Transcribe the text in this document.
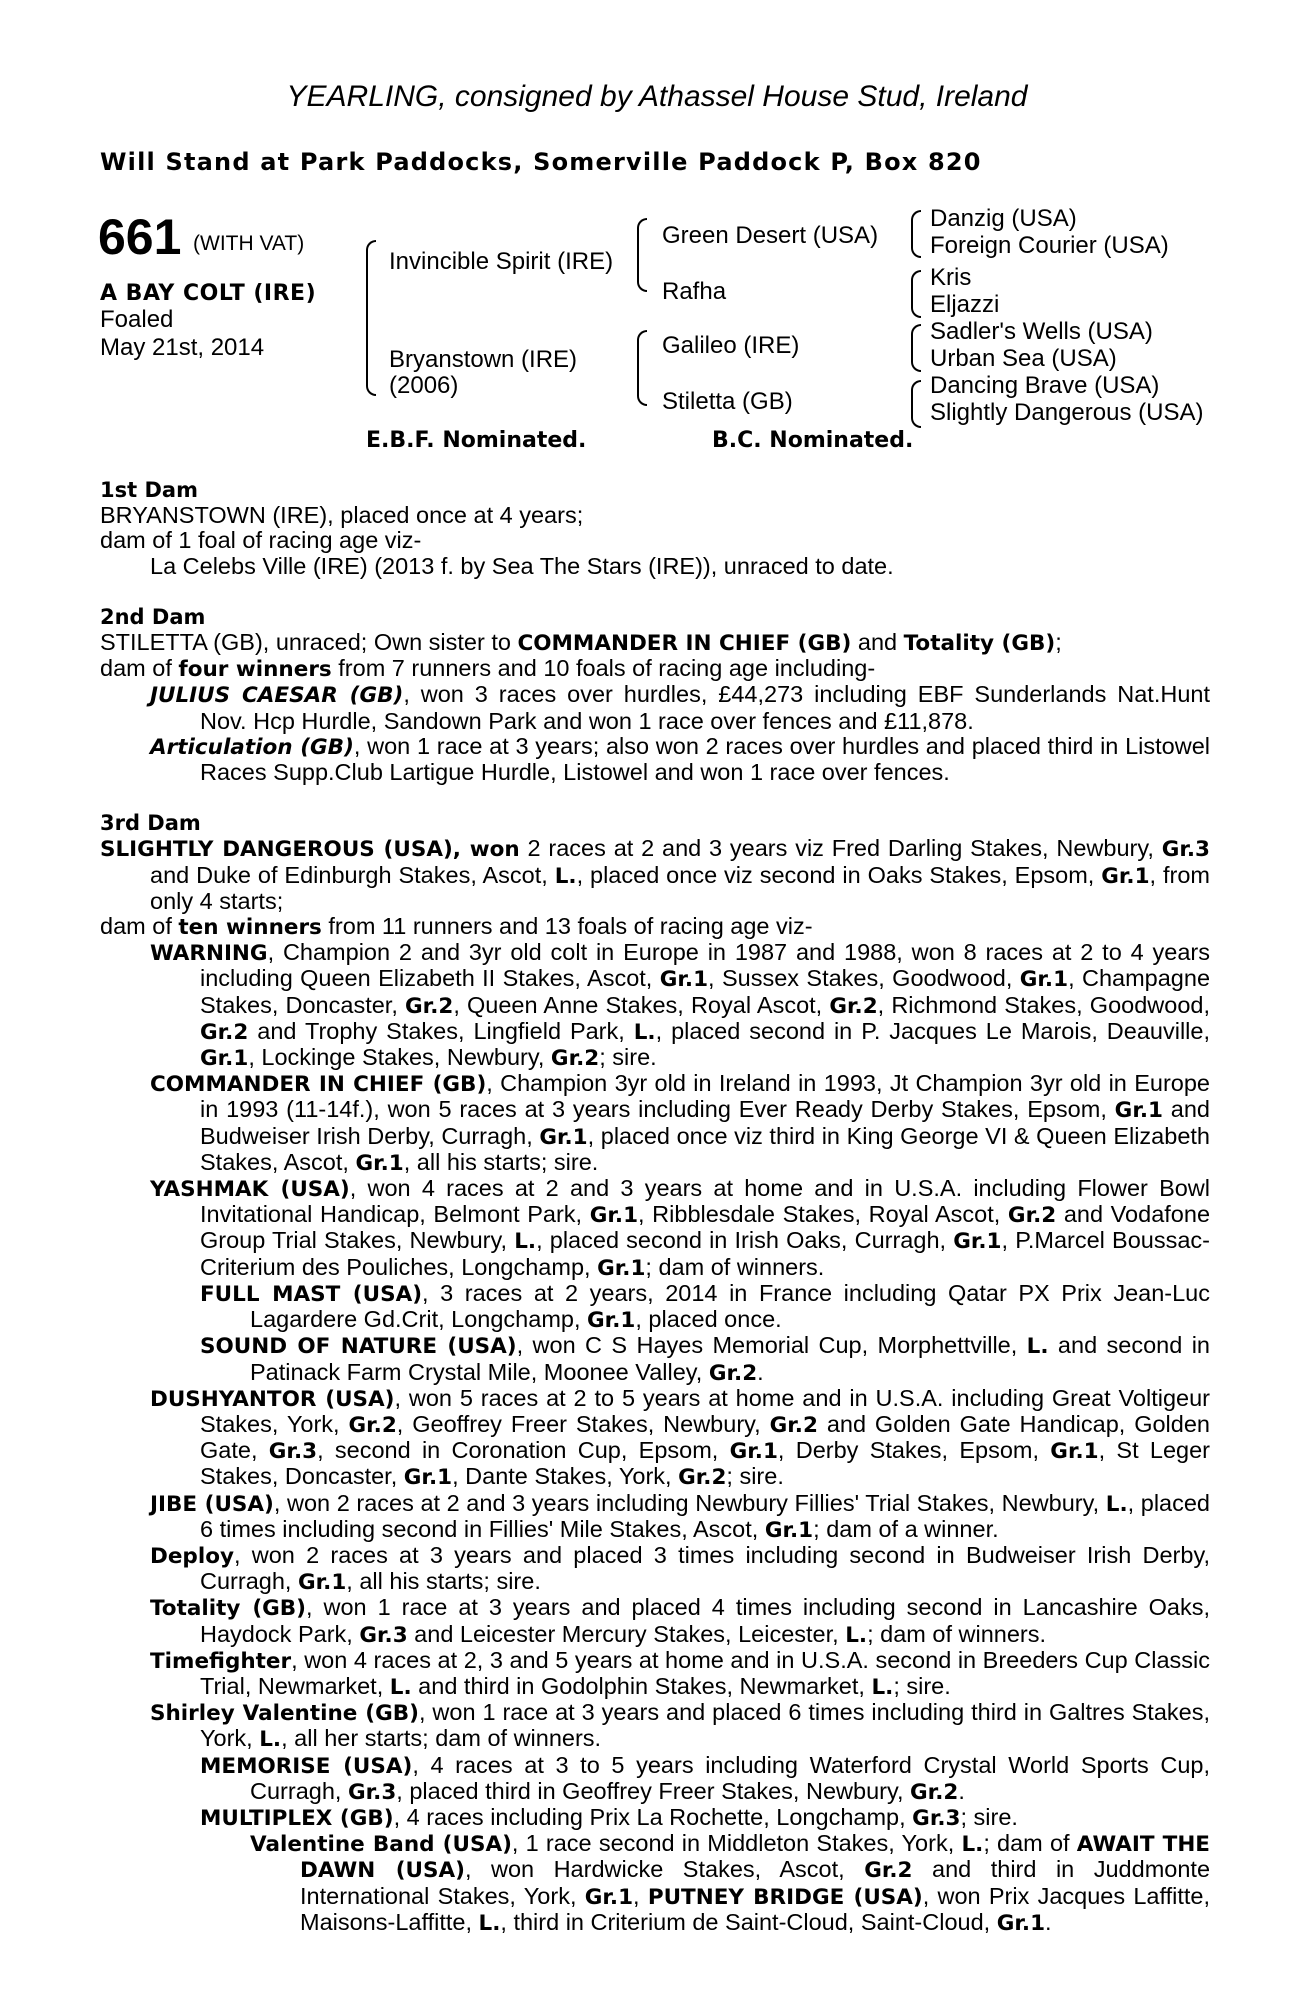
YEARLING, consigned by Athassel House Stud, Ireland
Will Stand at Park Paddocks, Somerville Paddock P, Box 820
661 (WITH VAT)
A BAY COLT (IRE)
Foaled
May 21st, 2014
Invincible Spirit (IRE)
Bryanstown (IRE)
(2006)
Green Desert (USA)
Rafha
Galileo (IRE)
Stiletta (GB)
Danzig (USA)
Foreign Courier (USA)
Kris
Eljazzi
Sadler's Wells (USA)
Urban Sea (USA)
Dancing Brave (USA)
Slightly Dangerous (USA)
E.B.F. Nominated.	B.C. Nominated.

1st Dam

BRYANSTOWN (IRE), placed once at 4 years;

dam of 1 foal of racing age viz-

La Celebs Ville (IRE) (2013 f. by Sea The Stars (IRE)), unraced to date.

2nd Dam

STILETTA (GB), unraced; Own sister to COMMANDER IN CHIEF (GB) and Totality (GB);

dam of four winners from 7 runners and 10 foals of racing age including-

JULIUS CAESAR (GB), won 3 races over hurdles, £44,273 including EBF Sunderlands Nat.Hunt Nov. Hcp Hurdle, Sandown Park and won 1 race over fences and £11,878.

Articulation (GB), won 1 race at 3 years; also won 2 races over hurdles and placed third in Listowel Races Supp.Club Lartigue Hurdle, Listowel and won 1 race over fences.

3rd Dam

SLIGHTLY DANGEROUS (USA), won 2 races at 2 and 3 years viz Fred Darling Stakes, Newbury, Gr.3 and Duke of Edinburgh Stakes, Ascot, L., placed once viz second in Oaks Stakes, Epsom, Gr.1, from only 4 starts;

dam of ten winners from 11 runners and 13 foals of racing age viz-

WARNING, Champion 2 and 3yr old colt in Europe in 1987 and 1988, won 8 races at 2 to 4 years including Queen Elizabeth II Stakes, Ascot, Gr.1, Sussex Stakes, Goodwood, Gr.1, Champagne Stakes, Doncaster, Gr.2, Queen Anne Stakes, Royal Ascot, Gr.2, Richmond Stakes, Goodwood, Gr.2 and Trophy Stakes, Lingfield Park, L., placed second in P. Jacques Le Marois, Deauville, Gr.1, Lockinge Stakes, Newbury, Gr.2; sire.

COMMANDER IN CHIEF (GB), Champion 3yr old in Ireland in 1993, Jt Champion 3yr old in Europe in 1993 (11-14f.), won 5 races at 3 years including Ever Ready Derby Stakes, Epsom, Gr.1 and Budweiser Irish Derby, Curragh, Gr.1, placed once viz third in King George VI & Queen Elizabeth Stakes, Ascot, Gr.1, all his starts; sire.

YASHMAK (USA), won 4 races at 2 and 3 years at home and in U.S.A. including Flower Bowl Invitational Handicap, Belmont Park, Gr.1, Ribblesdale Stakes, Royal Ascot, Gr.2 and Vodafone Group Trial Stakes, Newbury, L., placed second in Irish Oaks, Curragh, Gr.1, P.Marcel Boussac-Criterium des Pouliches, Longchamp, Gr.1; dam of winners.

FULL MAST (USA), 3 races at 2 years, 2014 in France including Qatar PX Prix Jean-Luc Lagardere Gd.Crit, Longchamp, Gr.1, placed once.

SOUND OF NATURE (USA), won C S Hayes Memorial Cup, Morphettville, L. and second in Patinack Farm Crystal Mile, Moonee Valley, Gr.2.

DUSHYANTOR (USA), won 5 races at 2 to 5 years at home and in U.S.A. including Great Voltigeur Stakes, York, Gr.2, Geoffrey Freer Stakes, Newbury, Gr.2 and Golden Gate Handicap, Golden Gate, Gr.3, second in Coronation Cup, Epsom, Gr.1, Derby Stakes, Epsom, Gr.1, St Leger Stakes, Doncaster, Gr.1, Dante Stakes, York, Gr.2; sire.

JIBE (USA), won 2 races at 2 and 3 years including Newbury Fillies' Trial Stakes, Newbury, L., placed 6 times including second in Fillies' Mile Stakes, Ascot, Gr.1; dam of a winner.

Deploy, won 2 races at 3 years and placed 3 times including second in Budweiser Irish Derby, Curragh, Gr.1, all his starts; sire.

Totality (GB), won 1 race at 3 years and placed 4 times including second in Lancashire Oaks, Haydock Park, Gr.3 and Leicester Mercury Stakes, Leicester, L.; dam of winners.

Timefighter, won 4 races at 2, 3 and 5 years at home and in U.S.A. second in Breeders Cup Classic Trial, Newmarket, L. and third in Godolphin Stakes, Newmarket, L.; sire.

Shirley Valentine (GB), won 1 race at 3 years and placed 6 times including third in Galtres Stakes, York, L., all her starts; dam of winners.

MEMORISE (USA), 4 races at 3 to 5 years including Waterford Crystal World Sports Cup, Curragh, Gr.3, placed third in Geoffrey Freer Stakes, Newbury, Gr.2.

MULTIPLEX (GB), 4 races including Prix La Rochette, Longchamp, Gr.3; sire.

Valentine Band (USA), 1 race second in Middleton Stakes, York, L.; dam of AWAIT THE DAWN (USA), won Hardwicke Stakes, Ascot, Gr.2 and third in Juddmonte International Stakes, York, Gr.1, PUTNEY BRIDGE (USA), won Prix Jacques Laffitte, Maisons-Laffitte, L., third in Criterium de Saint-Cloud, Saint-Cloud, Gr.1.
